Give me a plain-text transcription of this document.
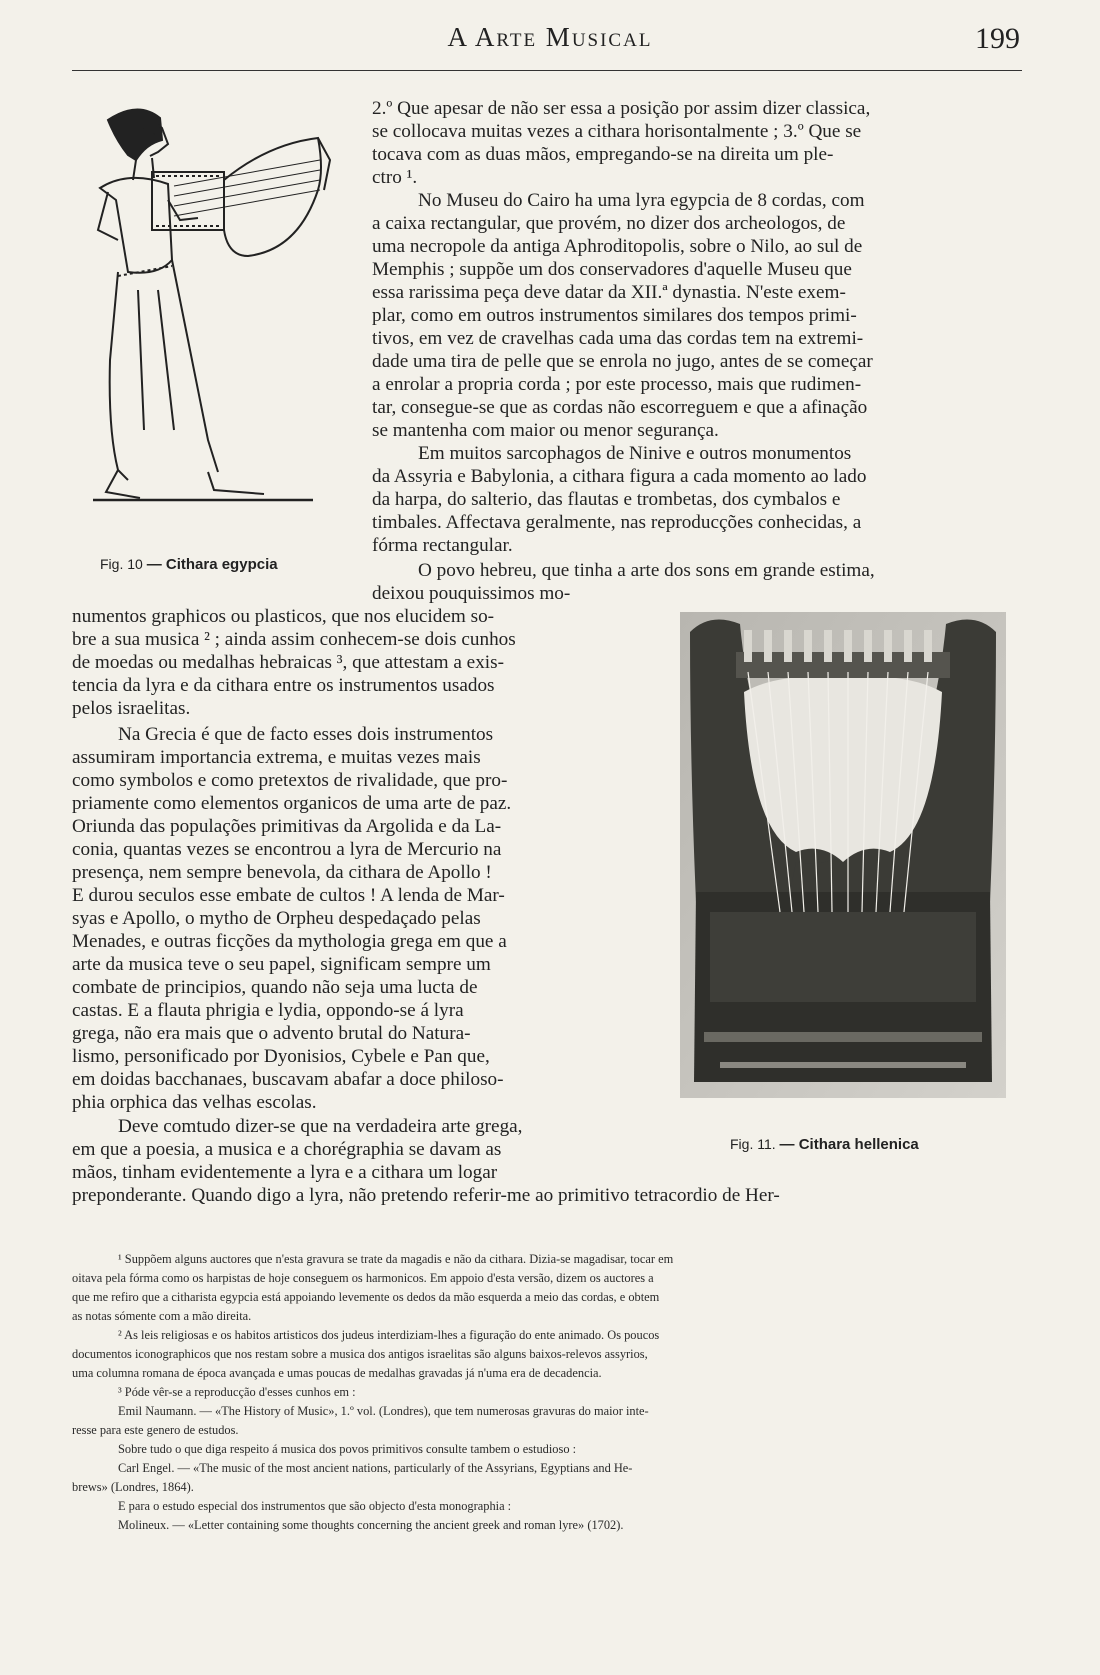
A Arte Musical	199
Fig. 10 — Cithara egypcia
Fig. 11. — Cithara hellenica
2.º Que apesar de não ser essa a posição por assim dizer classica,
se collocava muitas vezes a cithara horisontalmente ; 3.º Que se
tocava com as duas mãos, empregando-se na direita um ple-
ctro ¹.
No Museu do Cairo ha uma lyra egypcia de 8 cordas, com
a caixa rectangular, que provém, no dizer dos archeologos, de
uma necropole da antiga Aphroditopolis, sobre o Nilo, ao sul de
Memphis ; suppõe um dos conservadores d'aquelle Museu que
essa rarissima peça deve datar da XII.ª dynastia. N'este exem-
plar, como em outros instrumentos similares dos tempos primi-
tivos, em vez de cravelhas cada uma das cordas tem na extremi-
dade uma tira de pelle que se enrola no jugo, antes de se começar
a enrolar a propria corda ; por este processo, mais que rudimen-
tar, consegue-se que as cordas não escorreguem e que a afinação
se mantenha com maior ou menor segurança.
Em muitos sarcophagos de Ninive e outros monumentos
da Assyria e Babylonia, a cithara figura a cada momento ao lado
da harpa, do salterio, das flautas e trombetas, dos cymbalos e
timbales. Affectava geralmente, nas reproducções conhecidas, a
fórma rectangular.
O povo hebreu, que tinha a arte dos sons em grande estima,
deixou pouquissimos mo-
numentos graphicos ou plasticos, que nos elucidem so-
bre a sua musica ² ; ainda assim conhecem-se dois cunhos
de moedas ou medalhas hebraicas ³, que attestam a exis-
tencia da lyra e da cithara entre os instrumentos usados
pelos israelitas.
Na Grecia é que de facto esses dois instrumentos
assumiram importancia extrema, e muitas vezes mais
como symbolos e como pretextos de rivalidade, que pro-
priamente como elementos organicos de uma arte de paz.
Oriunda das populações primitivas da Argolida e da La-
conia, quantas vezes se encontrou a lyra de Mercurio na
presença, nem sempre benevola, da cithara de Apollo !
E durou seculos esse embate de cultos ! A lenda de Mar-
syas e Apollo, o mytho de Orpheu despedaçado pelas
Menades, e outras ficções da mythologia grega em que a
arte da musica teve o seu papel, significam sempre um
combate de principios, quando não seja uma lucta de
castas. E a flauta phrigia e lydia, oppondo-se á lyra
grega, não era mais que o advento brutal do Natura-
lismo, personificado por Dyonisios, Cybele e Pan que,
em doidas bacchanaes, buscavam abafar a doce philoso-
phia orphica das velhas escolas.
Deve comtudo dizer-se que na verdadeira arte grega,
em que a poesia, a musica e a chorégraphia se davam as
mãos, tinham evidentemente a lyra e a cithara um logar
preponderante. Quando digo a lyra, não pretendo referir-me ao primitivo tetracordio de Her-
¹ Suppõem alguns auctores que n'esta gravura se trate da magadis e não da cithara. Dizia-se magadisar, tocar em
oitava pela fórma como os harpistas de hoje conseguem os harmonicos. Em appoio d'esta versão, dizem os auctores a
que me refiro que a citharista egypcia está appoiando levemente os dedos da mão esquerda a meio das cordas, e obtem
as notas sómente com a mão direita.
² As leis religiosas e os habitos artisticos dos judeus interdiziam-lhes a figuração do ente animado. Os poucos
documentos iconographicos que nos restam sobre a musica dos antigos israelitas são alguns baixos-relevos assyrios,
uma columna romana de época avançada e umas poucas de medalhas gravadas já n'uma era de decadencia.
³ Póde vêr-se a reproducção d'esses cunhos em :
Emil Naumann. — «The History of Music», 1.º vol. (Londres), que tem numerosas gravuras do maior inte-
resse para este genero de estudos.
Sobre tudo o que diga respeito á musica dos povos primitivos consulte tambem o estudioso :
Carl Engel. — «The music of the most ancient nations, particularly of the Assyrians, Egyptians and He-
brews» (Londres, 1864).
E para o estudo especial dos instrumentos que são objecto d'esta monographia :
Molineux. — «Letter containing some thoughts concerning the ancient greek and roman lyre» (1702).
